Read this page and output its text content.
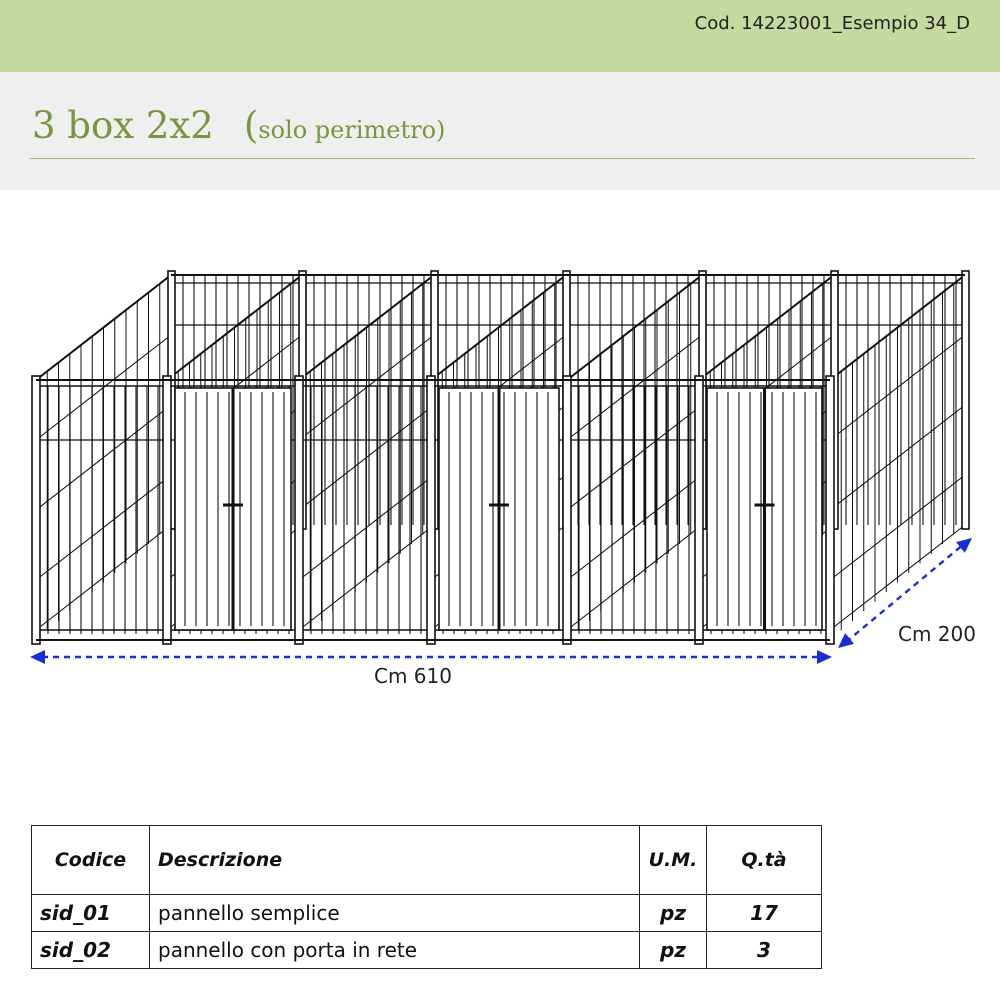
Cod. 14223001_Esempio 34_D
3 box 2x2 (solo perimetro)
Cm 610
Cm 200
Codice	Descrizione	U.M.	Q.tà
sid_01	pannello semplice	pz	17
sid_02	pannello con porta in rete	pz	3
